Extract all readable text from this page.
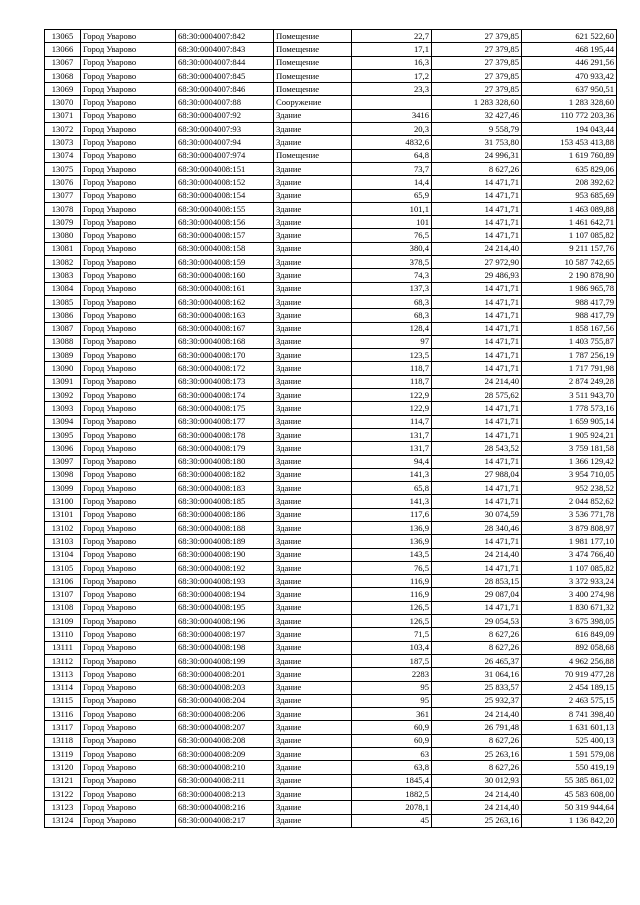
13065	Город Уварово	68:30:0004007:842	Помещение	22,7	27 379,85	621 522,60
13066	Город Уварово	68:30:0004007:843	Помещение	17,1	27 379,85	468 195,44
13067	Город Уварово	68:30:0004007:844	Помещение	16,3	27 379,85	446 291,56
13068	Город Уварово	68:30:0004007:845	Помещение	17,2	27 379,85	470 933,42
13069	Город Уварово	68:30:0004007:846	Помещение	23,3	27 379,85	637 950,51
13070	Город Уварово	68:30:0004007:88	Сооружение		1 283 328,60	1 283 328,60
13071	Город Уварово	68:30:0004007:92	Здание	3416	32 427,46	110 772 203,36
13072	Город Уварово	68:30:0004007:93	Здание	20,3	9 558,79	194 043,44
13073	Город Уварово	68:30:0004007:94	Здание	4832,6	31 753,80	153 453 413,88
13074	Город Уварово	68:30:0004007:974	Помещение	64,8	24 996,31	1 619 760,89
13075	Город Уварово	68:30:0004008:151	Здание	73,7	8 627,26	635 829,06
13076	Город Уварово	68:30:0004008:152	Здание	14,4	14 471,71	208 392,62
13077	Город Уварово	68:30:0004008:154	Здание	65,9	14 471,71	953 685,69
13078	Город Уварово	68:30:0004008:155	Здание	101,1	14 471,71	1 463 089,88
13079	Город Уварово	68:30:0004008:156	Здание	101	14 471,71	1 461 642,71
13080	Город Уварово	68:30:0004008:157	Здание	76,5	14 471,71	1 107 085,82
13081	Город Уварово	68:30:0004008:158	Здание	380,4	24 214,40	9 211 157,76
13082	Город Уварово	68:30:0004008:159	Здание	378,5	27 972,90	10 587 742,65
13083	Город Уварово	68:30:0004008:160	Здание	74,3	29 486,93	2 190 878,90
13084	Город Уварово	68:30:0004008:161	Здание	137,3	14 471,71	1 986 965,78
13085	Город Уварово	68:30:0004008:162	Здание	68,3	14 471,71	988 417,79
13086	Город Уварово	68:30:0004008:163	Здание	68,3	14 471,71	988 417,79
13087	Город Уварово	68:30:0004008:167	Здание	128,4	14 471,71	1 858 167,56
13088	Город Уварово	68:30:0004008:168	Здание	97	14 471,71	1 403 755,87
13089	Город Уварово	68:30:0004008:170	Здание	123,5	14 471,71	1 787 256,19
13090	Город Уварово	68:30:0004008:172	Здание	118,7	14 471,71	1 717 791,98
13091	Город Уварово	68:30:0004008:173	Здание	118,7	24 214,40	2 874 249,28
13092	Город Уварово	68:30:0004008:174	Здание	122,9	28 575,62	3 511 943,70
13093	Город Уварово	68:30:0004008:175	Здание	122,9	14 471,71	1 778 573,16
13094	Город Уварово	68:30:0004008:177	Здание	114,7	14 471,71	1 659 905,14
13095	Город Уварово	68:30:0004008:178	Здание	131,7	14 471,71	1 905 924,21
13096	Город Уварово	68:30:0004008:179	Здание	131,7	28 543,52	3 759 181,58
13097	Город Уварово	68:30:0004008:180	Здание	94,4	14 471,71	1 366 129,42
13098	Город Уварово	68:30:0004008:182	Здание	141,3	27 988,04	3 954 710,05
13099	Город Уварово	68:30:0004008:183	Здание	65,8	14 471,71	952 238,52
13100	Город Уварово	68:30:0004008:185	Здание	141,3	14 471,71	2 044 852,62
13101	Город Уварово	68:30:0004008:186	Здание	117,6	30 074,59	3 536 771,78
13102	Город Уварово	68:30:0004008:188	Здание	136,9	28 340,46	3 879 808,97
13103	Город Уварово	68:30:0004008:189	Здание	136,9	14 471,71	1 981 177,10
13104	Город Уварово	68:30:0004008:190	Здание	143,5	24 214,40	3 474 766,40
13105	Город Уварово	68:30:0004008:192	Здание	76,5	14 471,71	1 107 085,82
13106	Город Уварово	68:30:0004008:193	Здание	116,9	28 853,15	3 372 933,24
13107	Город Уварово	68:30:0004008:194	Здание	116,9	29 087,04	3 400 274,98
13108	Город Уварово	68:30:0004008:195	Здание	126,5	14 471,71	1 830 671,32
13109	Город Уварово	68:30:0004008:196	Здание	126,5	29 054,53	3 675 398,05
13110	Город Уварово	68:30:0004008:197	Здание	71,5	8 627,26	616 849,09
13111	Город Уварово	68:30:0004008:198	Здание	103,4	8 627,26	892 058,68
13112	Город Уварово	68:30:0004008:199	Здание	187,5	26 465,37	4 962 256,88
13113	Город Уварово	68:30:0004008:201	Здание	2283	31 064,16	70 919 477,28
13114	Город Уварово	68:30:0004008:203	Здание	95	25 833,57	2 454 189,15
13115	Город Уварово	68:30:0004008:204	Здание	95	25 932,37	2 463 575,15
13116	Город Уварово	68:30:0004008:206	Здание	361	24 214,40	8 741 398,40
13117	Город Уварово	68:30:0004008:207	Здание	60,9	26 791,48	1 631 601,13
13118	Город Уварово	68:30:0004008:208	Здание	60,9	8 627,26	525 400,13
13119	Город Уварово	68:30:0004008:209	Здание	63	25 263,16	1 591 579,08
13120	Город Уварово	68:30:0004008:210	Здание	63,8	8 627,26	550 419,19
13121	Город Уварово	68:30:0004008:211	Здание	1845,4	30 012,93	55 385 861,02
13122	Город Уварово	68:30:0004008:213	Здание	1882,5	24 214,40	45 583 608,00
13123	Город Уварово	68:30:0004008:216	Здание	2078,1	24 214,40	50 319 944,64
13124	Город Уварово	68:30:0004008:217	Здание	45	25 263,16	1 136 842,20
